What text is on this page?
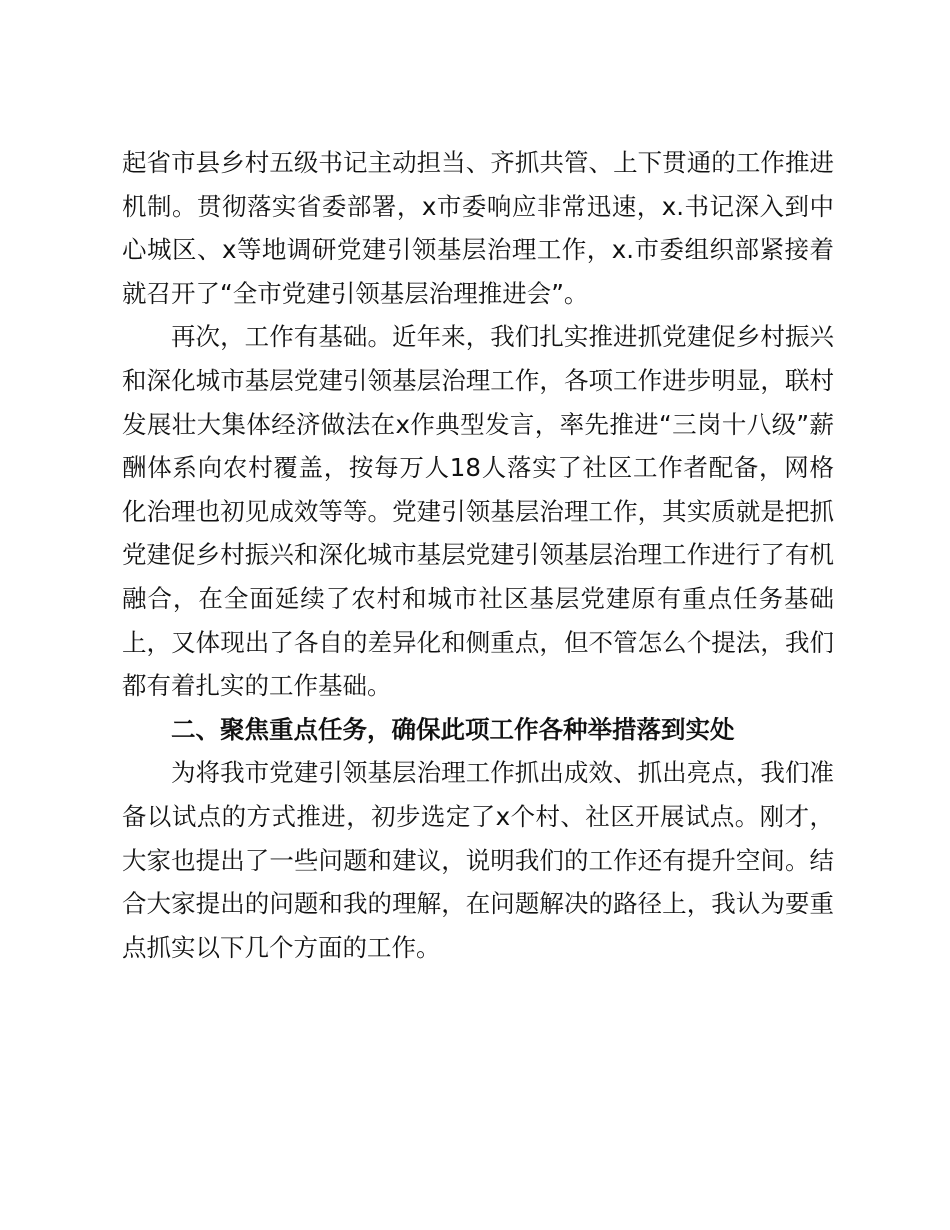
起省市县乡村五级书记主动担当、齐抓共管、上下贯通的工作推进机制。贯彻落实省委部署，x市委响应非常迅速，x.书记深入到中心城区、x等地调研党建引领基层治理工作，x.市委组织部紧接着就召开了“全市党建引领基层治理推进会”。

再次，工作有基础。近年来，我们扎实推进抓党建促乡村振兴和深化城市基层党建引领基层治理工作，各项工作进步明显，联村发展壮大集体经济做法在x作典型发言，率先推进“三岗十八级”薪酬体系向农村覆盖，按每万人18人落实了社区工作者配备，网格化治理也初见成效等等。党建引领基层治理工作，其实质就是把抓党建促乡村振兴和深化城市基层党建引领基层治理工作进行了有机融合，在全面延续了农村和城市社区基层党建原有重点任务基础上，又体现出了各自的差异化和侧重点，但不管怎么个提法，我们都有着扎实的工作基础。

二、聚焦重点任务，确保此项工作各种举措落到实处

为将我市党建引领基层治理工作抓出成效、抓出亮点，我们准备以试点的方式推进，初步选定了x个村、社区开展试点。刚才，大家也提出了一些问题和建议，说明我们的工作还有提升空间。结合大家提出的问题和我的理解，在问题解决的路径上，我认为要重点抓实以下几个方面的工作。
